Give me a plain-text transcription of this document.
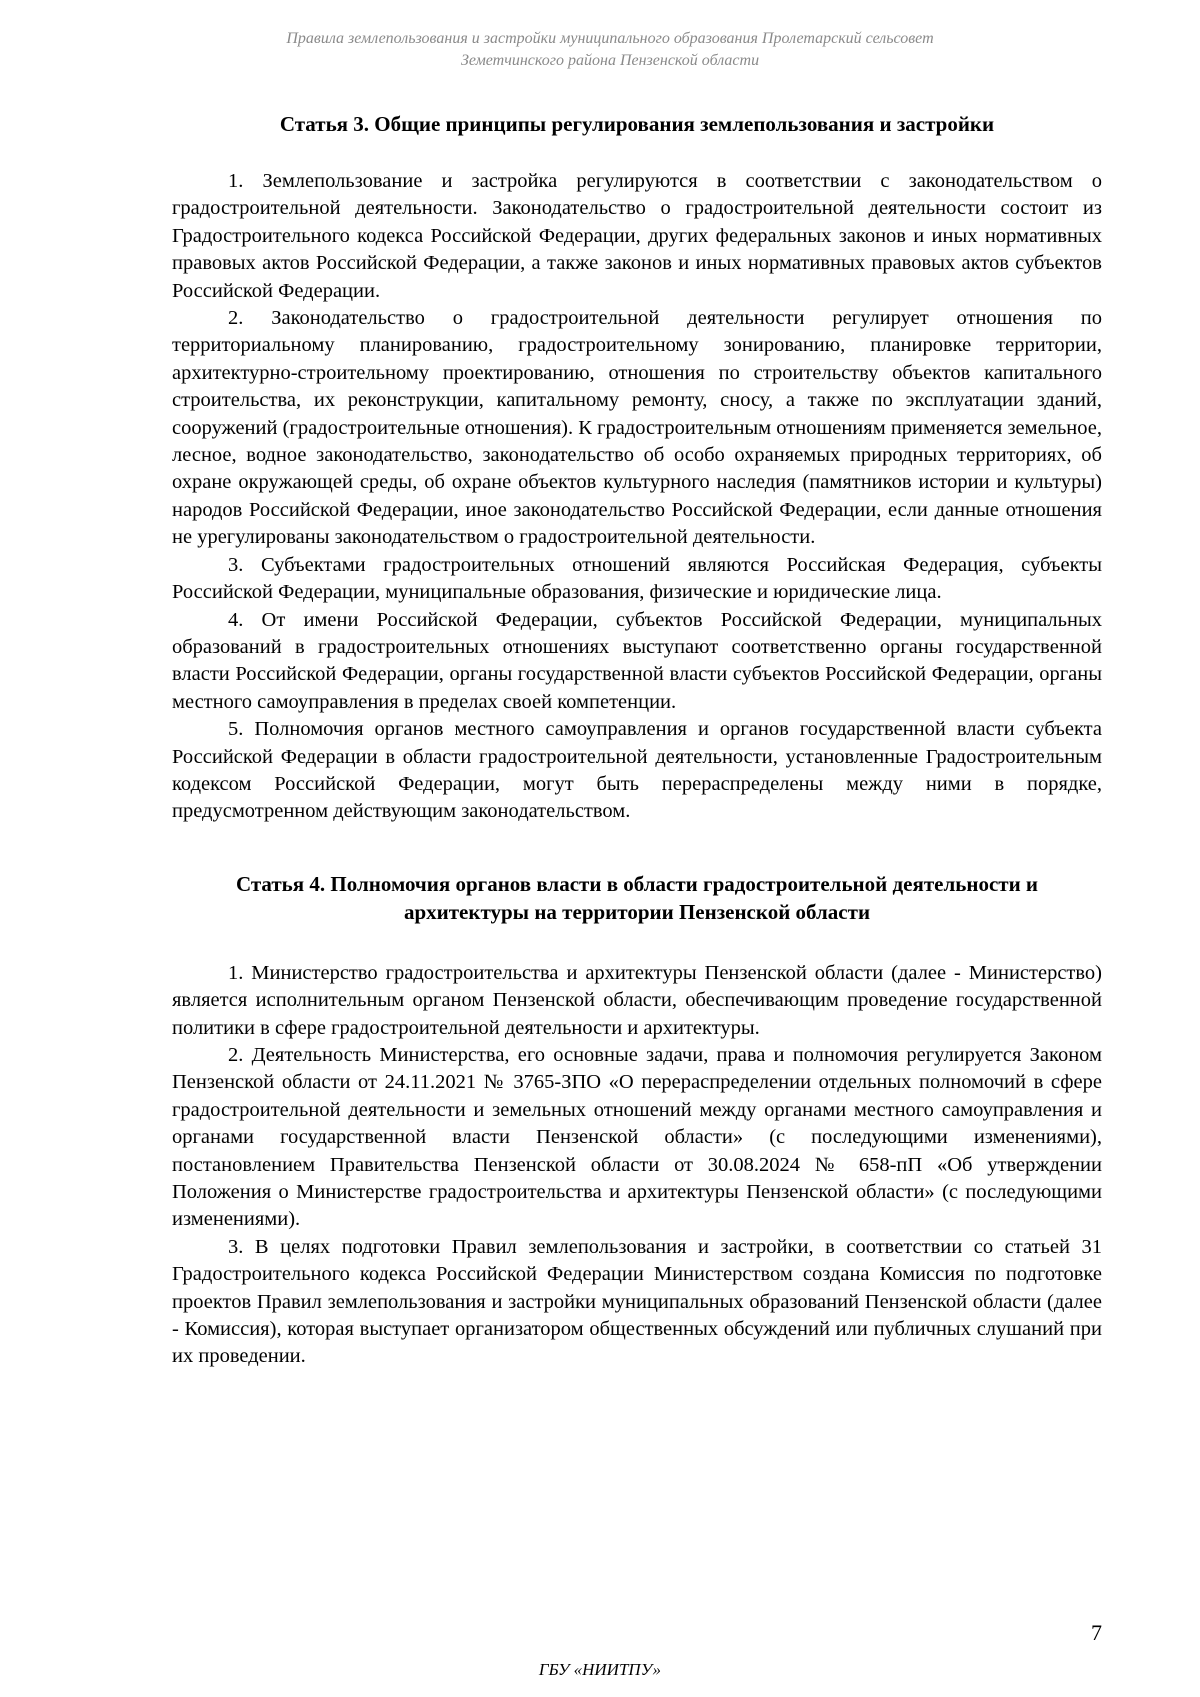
Правила землепользования и застройки муниципального образования Пролетарский сельсовет
Земетчинского района Пензенской области
Статья 3. Общие принципы регулирования землепользования и застройки

1. Землепользование и застройка регулируются в соответствии с законодательством о градостроительной деятельности. Законодательство о градостроительной деятельности состоит из Градостроительного кодекса Российской Федерации, других федеральных законов и иных нормативных правовых актов Российской Федерации, а также законов и иных нормативных правовых актов субъектов Российской Федерации.

2. Законодательство о градостроительной деятельности регулирует отношения по территориальному планированию, градостроительному зонированию, планировке территории, архитектурно-строительному проектированию, отношения по строительству объектов капитального строительства, их реконструкции, капитальному ремонту, сносу, а также по эксплуатации зданий, сооружений (градостроительные отношения). К градостроительным отношениям применяется земельное, лесное, водное законодательство, законодательство об особо охраняемых природных территориях, об охране окружающей среды, об охране объектов культурного наследия (памятников истории и культуры) народов Российской Федерации, иное законодательство Российской Федерации, если данные отношения не урегулированы законодательством о градостроительной деятельности.

3. Субъектами градостроительных отношений являются Российская Федерация, субъекты Российской Федерации, муниципальные образования, физические и юридические лица.

4. От имени Российской Федерации, субъектов Российской Федерации, муниципальных образований в градостроительных отношениях выступают соответственно органы государственной власти Российской Федерации, органы государственной власти субъектов Российской Федерации, органы местного самоуправления в пределах своей компетенции.

5. Полномочия органов местного самоуправления и органов государственной власти субъекта Российской Федерации в области градостроительной деятельности, установленные Градостроительным кодексом Российской Федерации, могут быть перераспределены между ними в порядке, предусмотренном действующим законодательством.

Статья 4. Полномочия органов власти в области градостроительной деятельности и архитектуры на территории Пензенской области

1. Министерство градостроительства и архитектуры Пензенской области (далее - Министерство) является исполнительным органом Пензенской области, обеспечивающим проведение государственной политики в сфере градостроительной деятельности и архитектуры.

2. Деятельность Министерства, его основные задачи, права и полномочия регулируется Законом Пензенской области от 24.11.2021 № 3765-ЗПО «О перераспределении отдельных полномочий в сфере градостроительной деятельности и земельных отношений между органами местного самоуправления и органами государственной власти Пензенской области» (с последующими изменениями), постановлением Правительства Пензенской области от 30.08.2024 № 658-пП «Об утверждении Положения о Министерстве градостроительства и архитектуры Пензенской области» (с последующими изменениями).

3. В целях подготовки Правил землепользования и застройки, в соответствии со статьей 31 Градостроительного кодекса Российской Федерации Министерством создана Комиссия по подготовке проектов Правил землепользования и застройки муниципальных образований Пензенской области (далее - Комиссия), которая выступает организатором общественных обсуждений или публичных слушаний при их проведении.

7
ГБУ «НИИТПУ»
